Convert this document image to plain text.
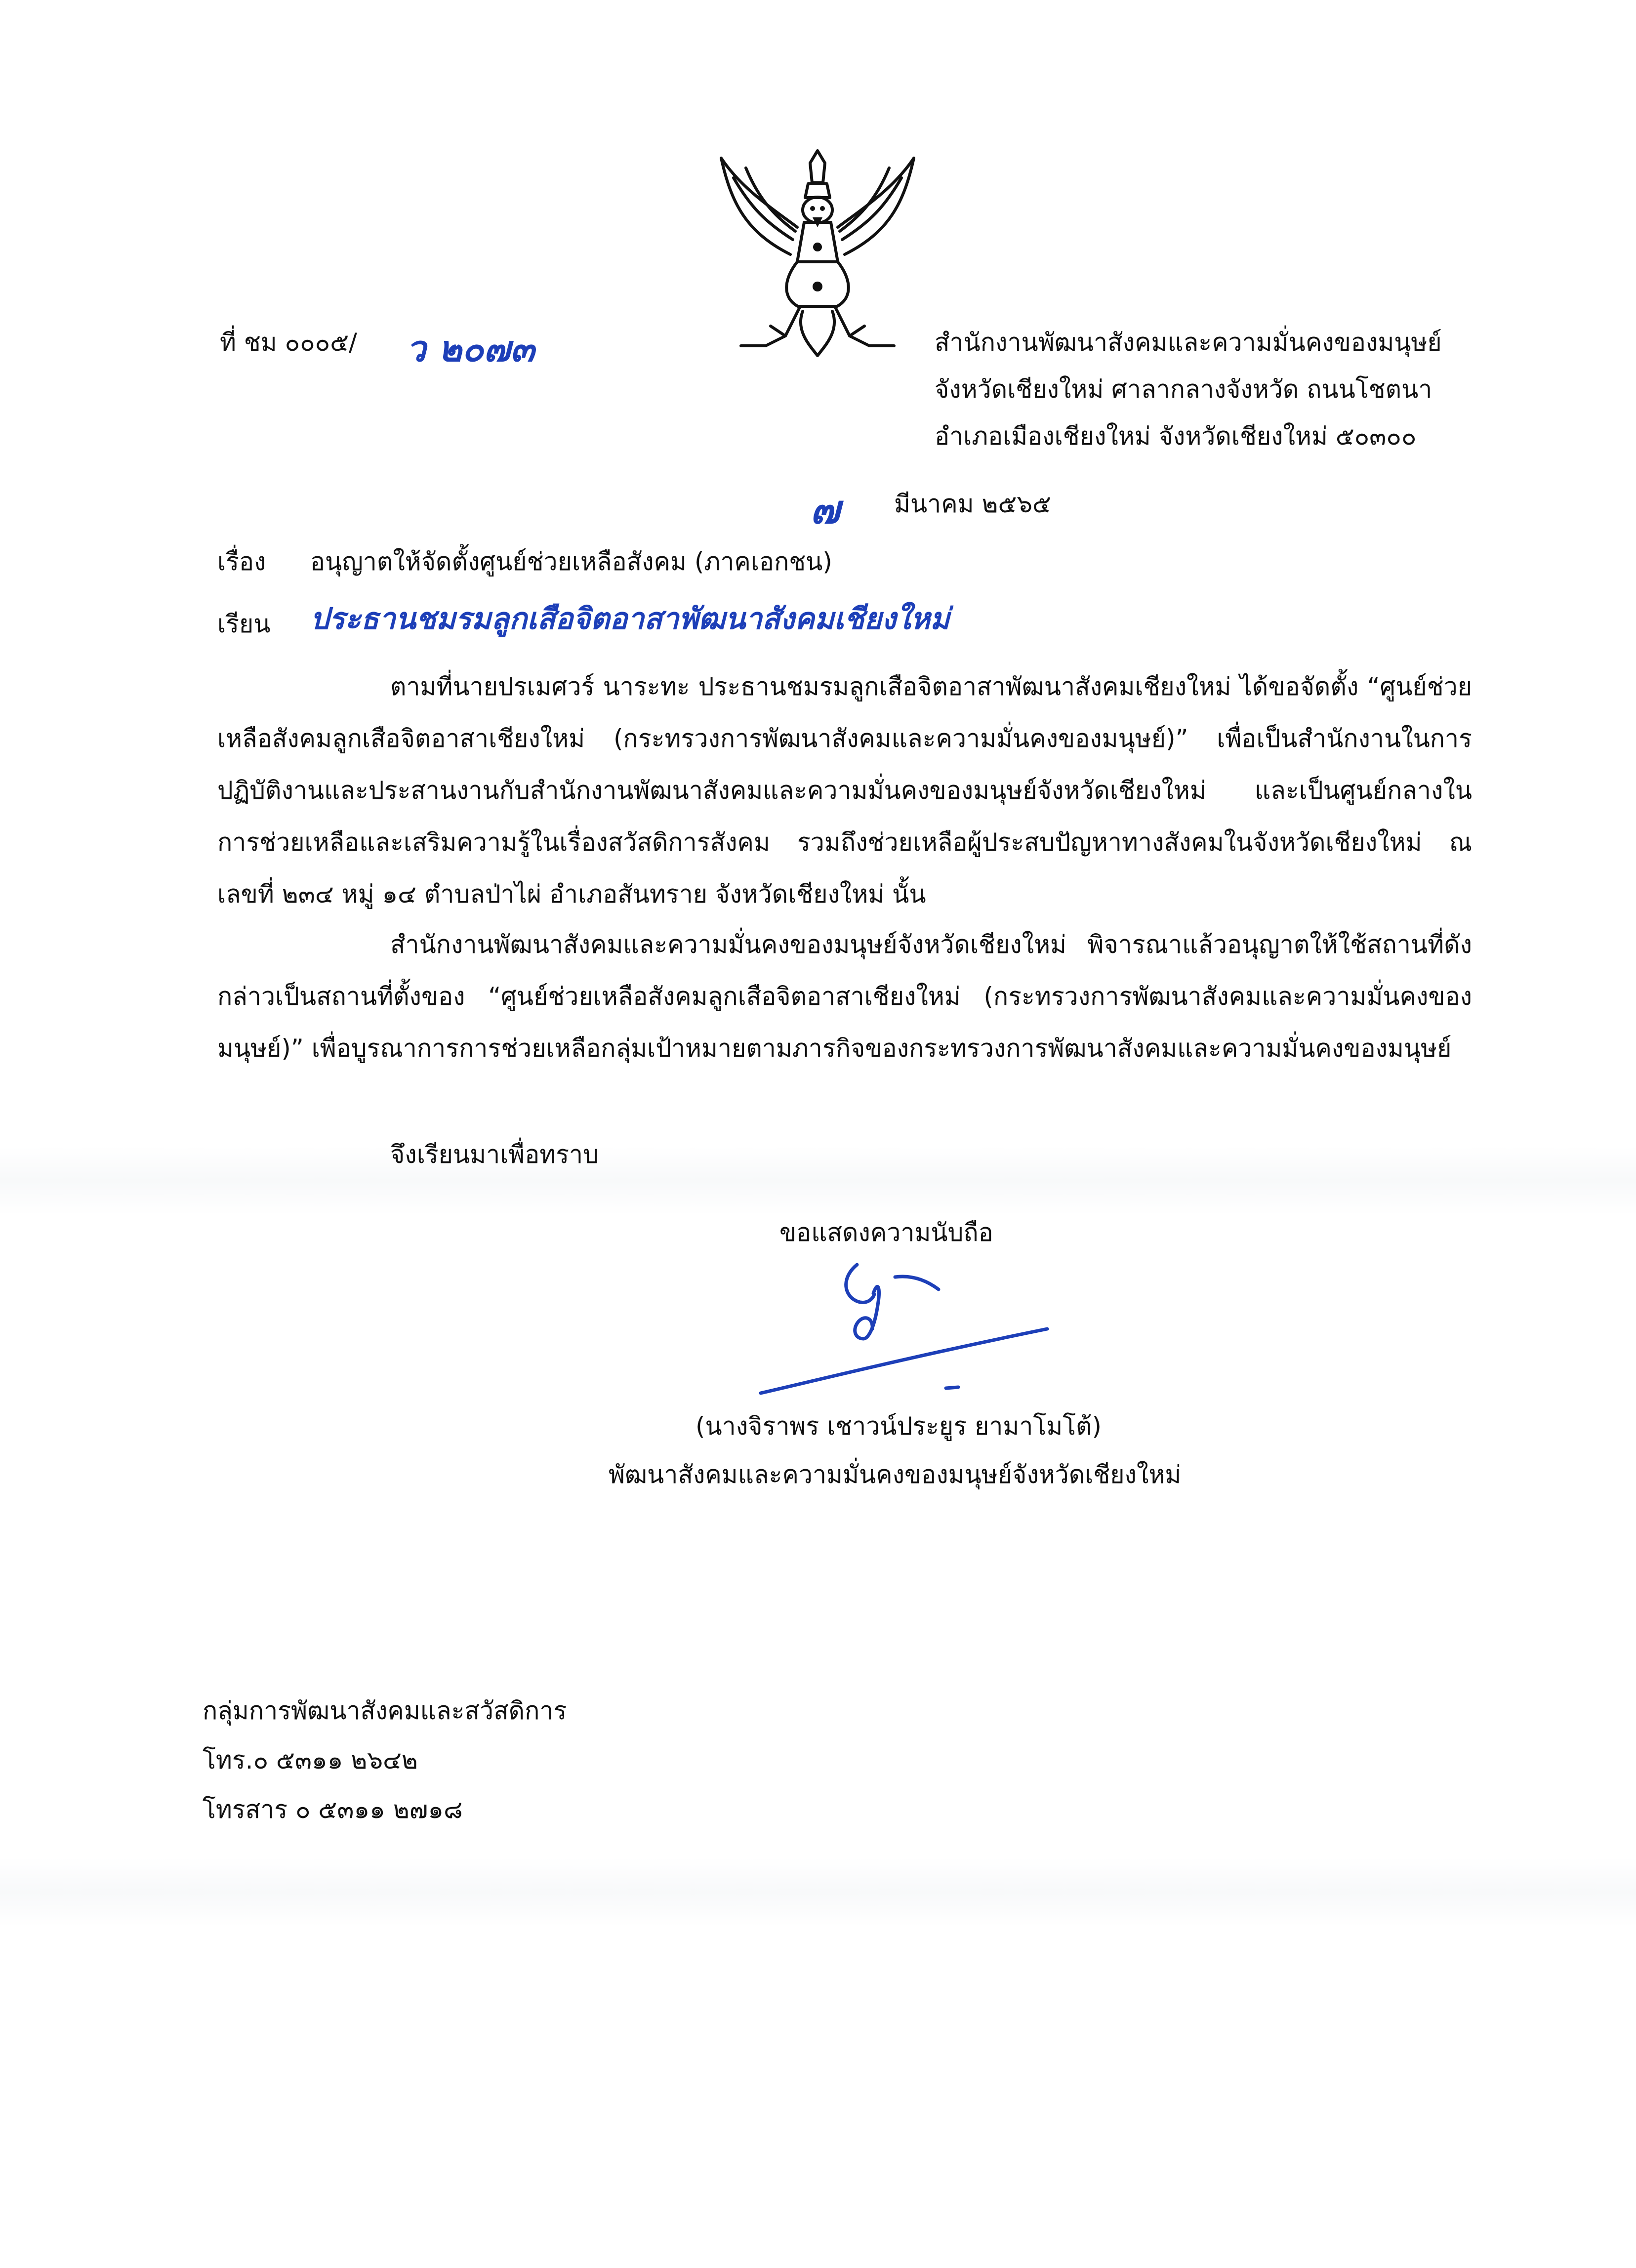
ที่ ชม ๐๐๐๕/ ว ๒๐๗๓	สำนักงานพัฒนาสังคมและความมั่นคงของมนุษย์
จังหวัดเชียงใหม่ ศาลากลางจังหวัด ถนนโชตนา
อำเภอเมืองเชียงใหม่ จังหวัดเชียงใหม่ ๕๐๓๐๐
๗ มีนาคม ๒๕๖๕
เรื่อง อนุญาตให้จัดตั้งศูนย์ช่วยเหลือสังคม (ภาคเอกชน)
เรียน ประธานชมรมลูกเสือจิตอาสาพัฒนาสังคมเชียงใหม่
ตามที่นายปรเมศวร์ นาระทะ ประธานชมรมลูกเสือจิตอาสาพัฒนาสังคมเชียงใหม่ ได้ขอจัดตั้ง “ศูนย์ช่วยเหลือสังคมลูกเสือจิตอาสาเชียงใหม่ (กระทรวงการพัฒนาสังคมและความมั่นคงของมนุษย์)” เพื่อเป็นสำนักงานในการปฏิบัติงานและประสานงานกับสำนักงานพัฒนาสังคมและความมั่นคงของมนุษย์จังหวัดเชียงใหม่ และเป็นศูนย์กลางในการช่วยเหลือและเสริมความรู้ในเรื่องสวัสดิการสังคม รวมถึงช่วยเหลือผู้ประสบปัญหาทางสังคมในจังหวัดเชียงใหม่ ณ เลขที่ ๒๓๔ หมู่ ๑๔ ตำบลป่าไผ่ อำเภอสันทราย จังหวัดเชียงใหม่ นั้น
สำนักงานพัฒนาสังคมและความมั่นคงของมนุษย์จังหวัดเชียงใหม่ พิจารณาแล้วอนุญาตให้ใช้สถานที่ดังกล่าวเป็นสถานที่ตั้งของ “ศูนย์ช่วยเหลือสังคมลูกเสือจิตอาสาเชียงใหม่ (กระทรวงการพัฒนาสังคมและความมั่นคงของมนุษย์)” เพื่อบูรณาการการช่วยเหลือกลุ่มเป้าหมายตามภารกิจของกระทรวงการพัฒนาสังคมและความมั่นคงของมนุษย์
จึงเรียนมาเพื่อทราบ
ขอแสดงความนับถือ
(นางจิราพร เชาวน์ประยูร ยามาโมโต้)
พัฒนาสังคมและความมั่นคงของมนุษย์จังหวัดเชียงใหม่
กลุ่มการพัฒนาสังคมและสวัสดิการ
โทร.๐ ๕๓๑๑ ๒๖๔๒
โทรสาร ๐ ๕๓๑๑ ๒๗๑๘
